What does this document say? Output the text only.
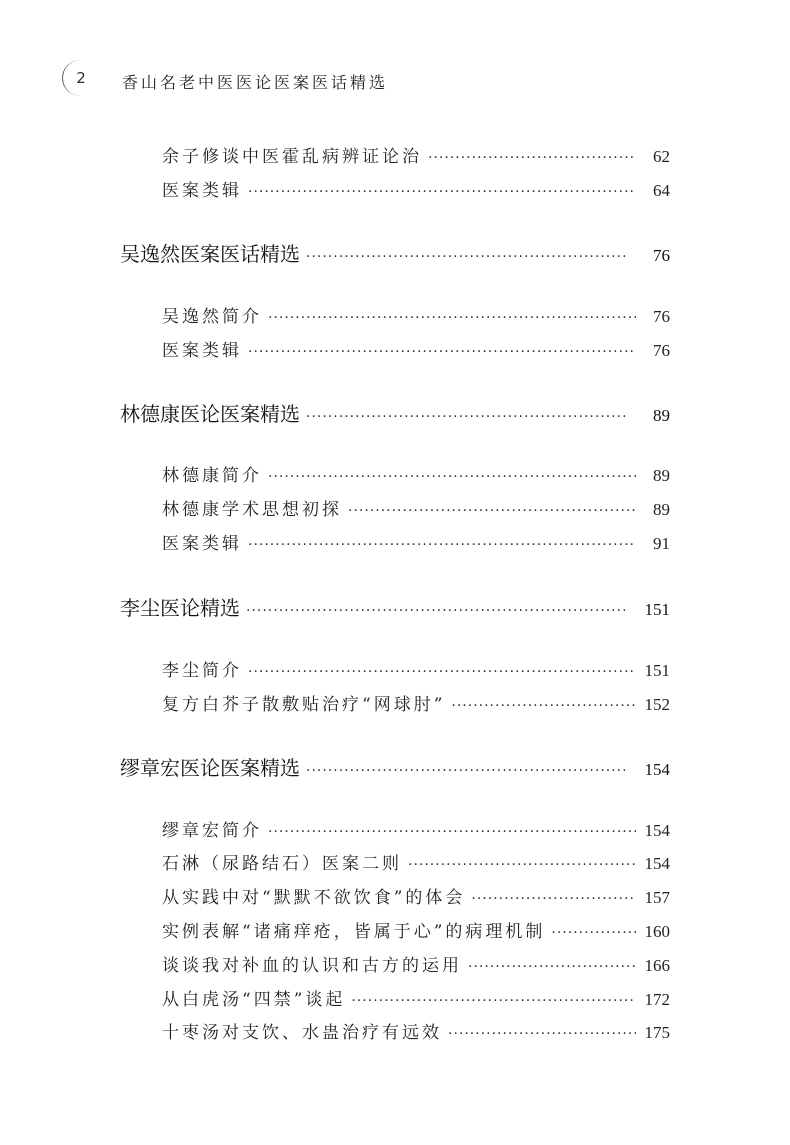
2	香山名老中医医论医案医话精选
余子修谈中医霍乱病辨证论治 ·····	62
医案类辑 ·····	64
吴逸然医案医话精选 ·····	76
吴逸然简介 ·····	76
医案类辑 ·····	76
林德康医论医案精选 ·····	89
林德康简介 ·····	89
林德康学术思想初探 ·····	89
医案类辑 ·····	91
李尘医论精选 ·····	151
李尘简介 ·····	151
复方白芥子散敷贴治疗“网球肘” ·····	152
缪章宏医论医案精选 ·····	154
缪章宏简介 ·····	154
石淋（尿路结石）医案二则 ·····	154
从实践中对“默默不欲饮食”的体会 ·····	157
实例表解“诸痛痒疮，皆属于心”的病理机制 ·····	160
谈谈我对补血的认识和古方的运用 ·····	166
从白虎汤“四禁”谈起 ·····	172
十枣汤对支饮、水蛊治疗有远效 ·····	175
